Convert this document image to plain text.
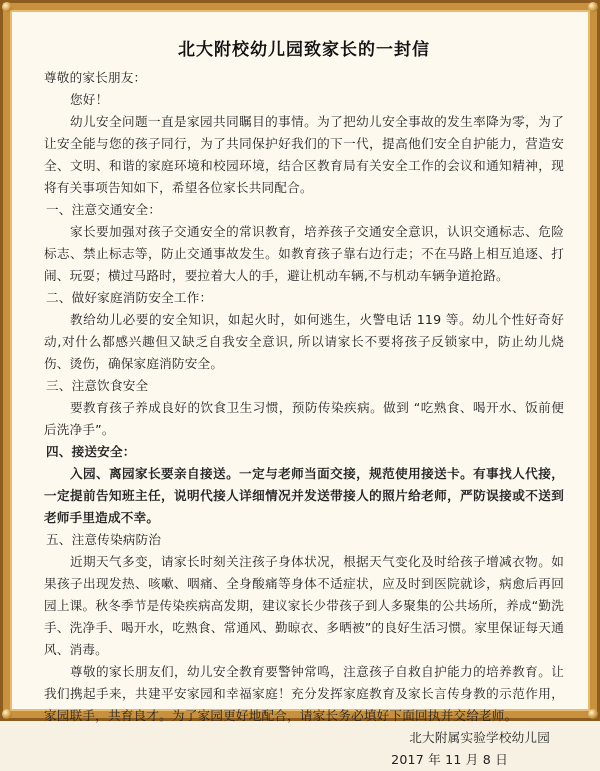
北大附校幼儿园致家长的一封信

尊敬的家长朋友：

您好！

幼儿安全问题一直是家园共同瞩目的事情。为了把幼儿安全事故的发生率降为零，为了让安全能与您的孩子同行，为了共同保护好我们的下一代，提高他们安全自护能力，营造安全、文明、和谐的家庭环境和校园环境，结合区教育局有关安全工作的会议和通知精神，现将有关事项告知如下，希望各位家长共同配合。

一、注意交通安全：

家长要加强对孩子交通安全的常识教育，培养孩子交通安全意识，认识交通标志、危险标志、禁止标志等，防止交通事故发生。如教育孩子靠右边行走；不在马路上相互追逐、打闹、玩耍；横过马路时，要拉着大人的手，避让机动车辆,不与机动车辆争道抢路。

二、做好家庭消防安全工作：

教给幼儿必要的安全知识，如起火时，如何逃生，火警电话 119 等。幼儿个性好奇好动,对什么都感兴趣但又缺乏自我安全意识, 所以请家长不要将孩子反锁家中，防止幼儿烧伤、烫伤，确保家庭消防安全。

三、注意饮食安全

要教育孩子养成良好的饮食卫生习惯，预防传染疾病。做到 “吃熟食、喝开水、饭前便后洗净手”。

四、接送安全：

入园、离园家长要亲自接送。一定与老师当面交接，规范使用接送卡。有事找人代接，一定提前告知班主任，说明代接人详细情况并发送带接人的照片给老师，严防误接或不送到老师手里造成不幸。

五、注意传染病防治

近期天气多变，请家长时刻关注孩子身体状况，根据天气变化及时给孩子增减衣物。如果孩子出现发热、咳嗽、咽痛、全身酸痛等身体不适症状，应及时到医院就诊，病愈后再回园上课。秋冬季节是传染疾病高发期，建议家长少带孩子到人多聚集的公共场所，养成“勤洗手、洗净手、喝开水，吃熟食、常通风、勤晾衣、多晒被”的良好生活习惯。家里保证每天通风、消毒。

尊敬的家长朋友们，幼儿安全教育要警钟常鸣，注意孩子自救自护能力的培养教育。让我们携起手来，共建平安家园和幸福家庭！充分发挥家庭教育及家长言传身教的示范作用，家园联手，共育良才。为了家园更好地配合，请家长务必填好下面回执并交给老师。

北大附属实验学校幼儿园

2017 年 11 月 8 日
